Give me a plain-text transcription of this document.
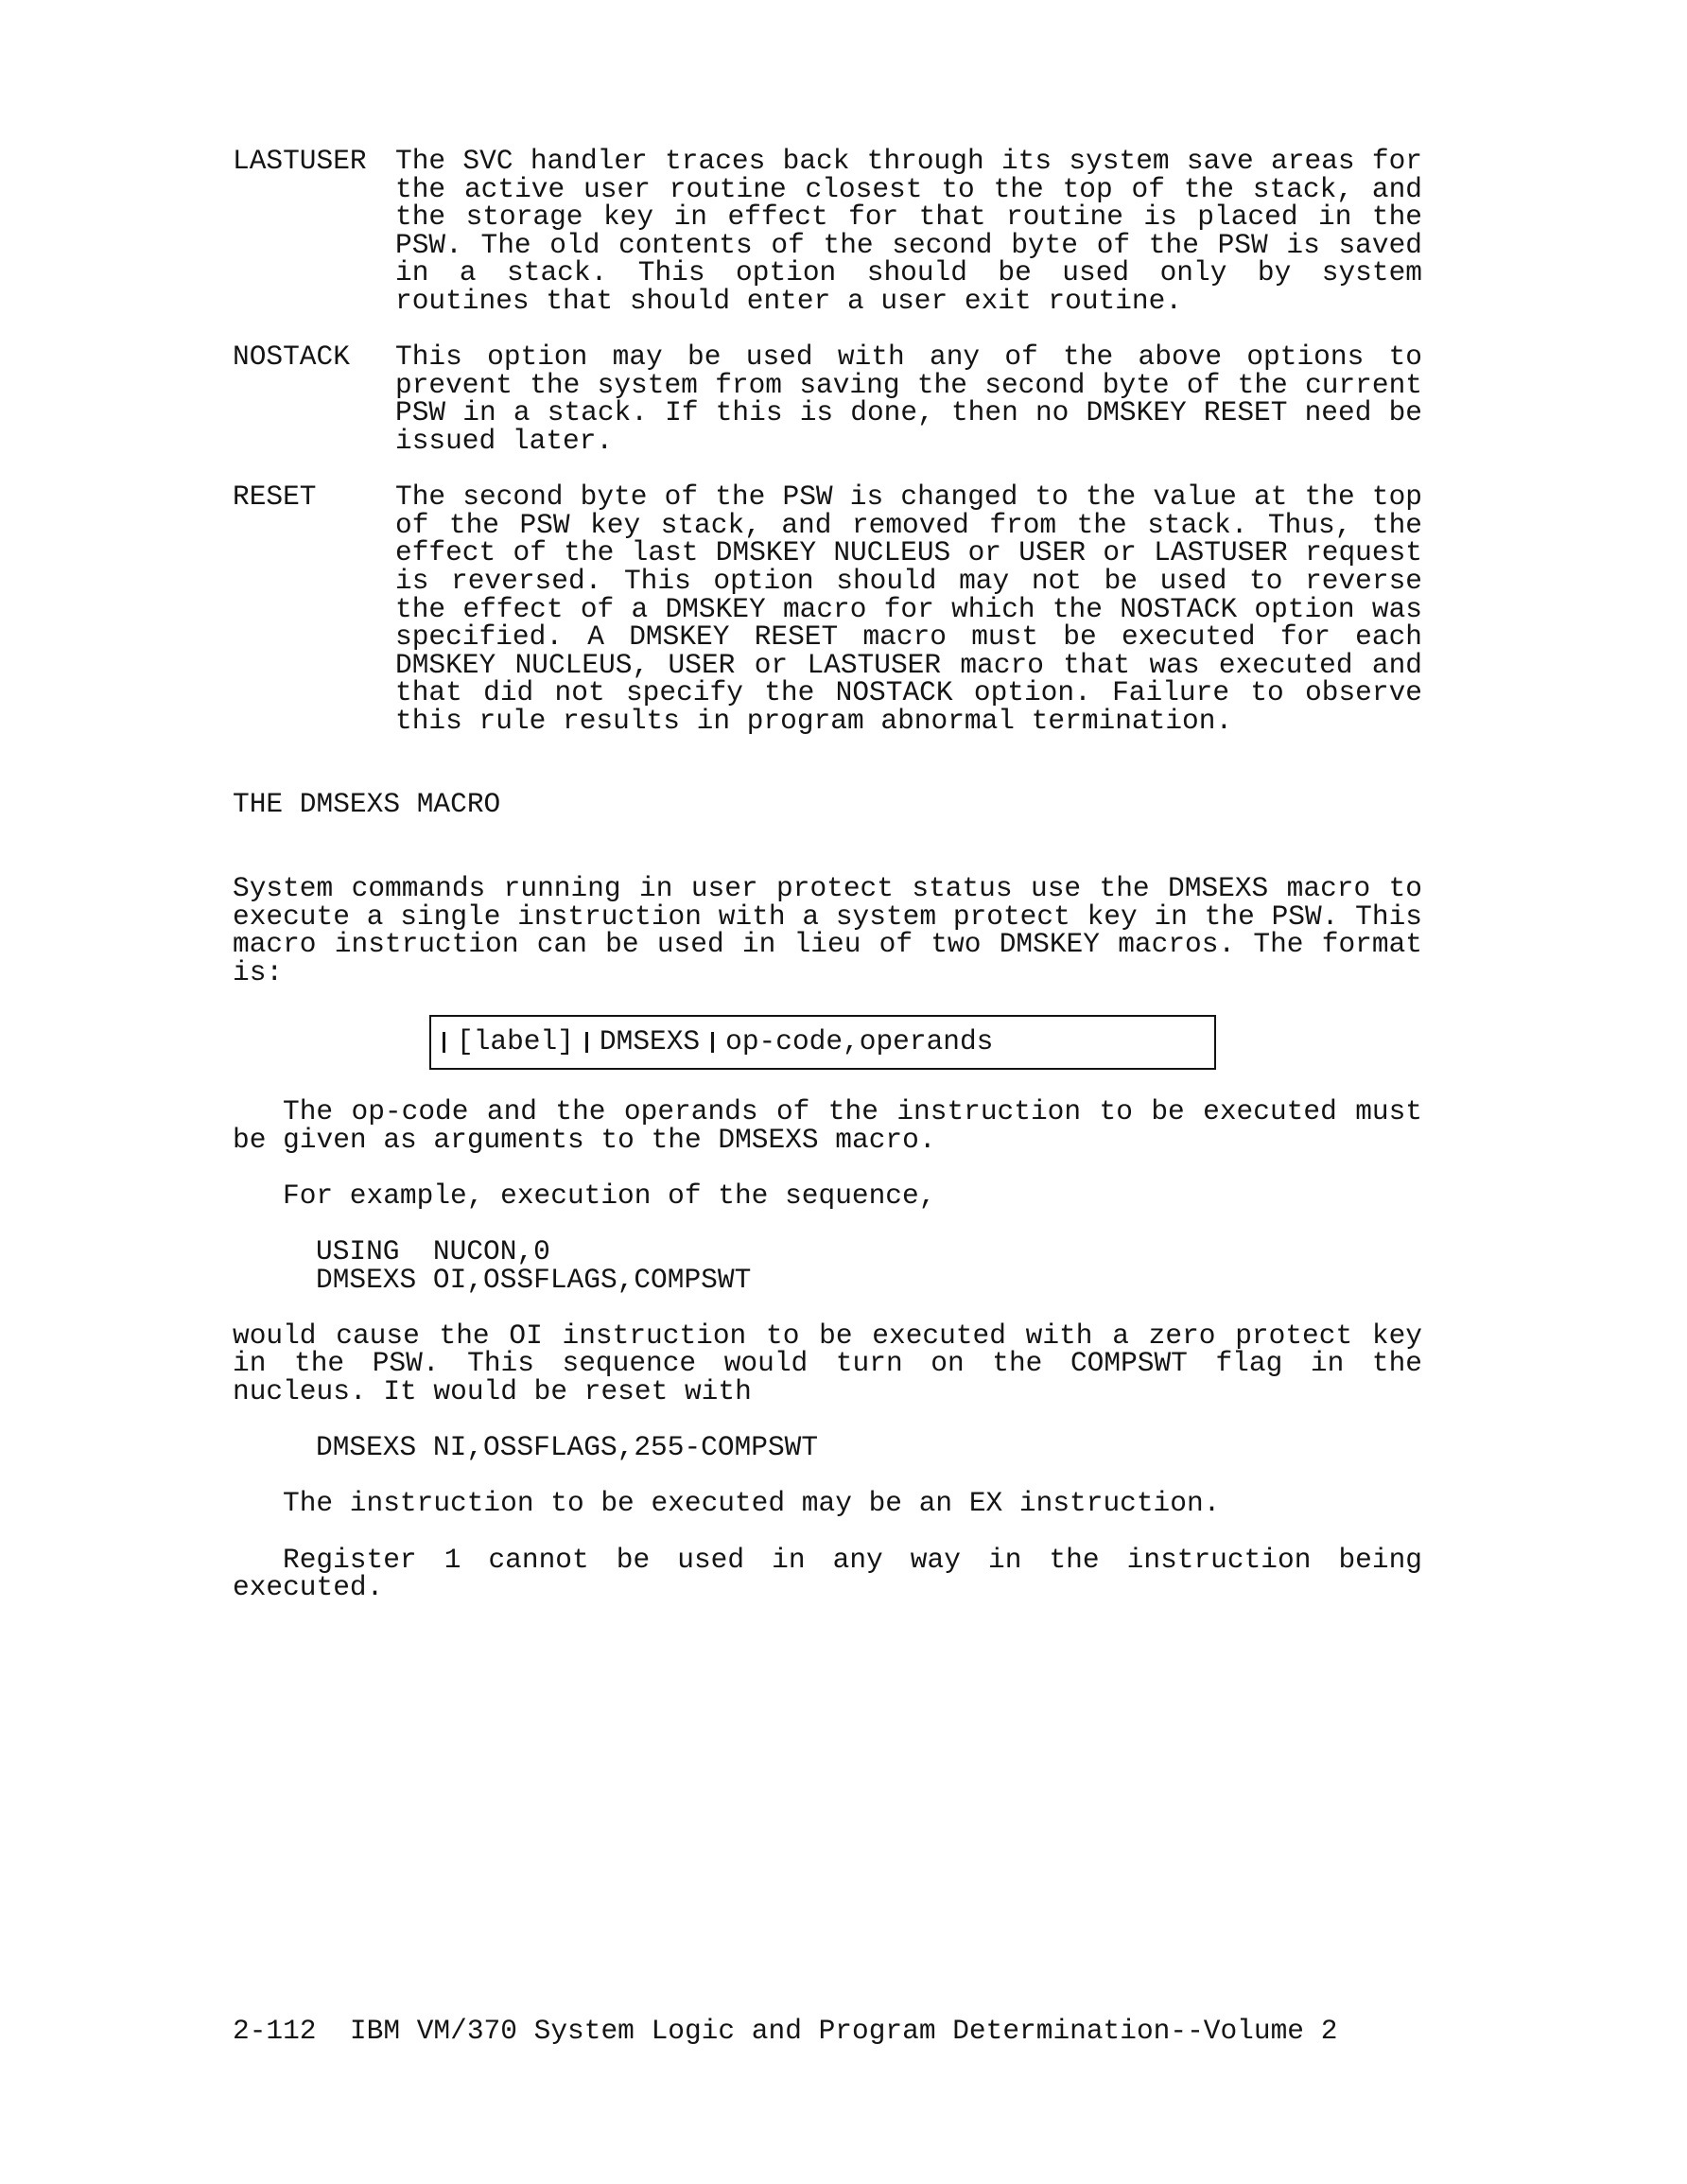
LASTUSER	The SVC handler traces back through its system save areas for the active user routine closest to the top of the stack, and the storage key in effect for that routine is placed in the PSW. The old contents of the second byte of the PSW is saved in a stack. This option should be used only by system routines that should enter a user exit routine.
NOSTACK	This option may be used with any of the above options to prevent the system from saving the second byte of the current PSW in a stack. If this is done, then no DMSKEY RESET need be issued later.
RESET	The second byte of the PSW is changed to the value at the top of the PSW key stack, and removed from the stack. Thus, the effect of the last DMSKEY NUCLEUS or USER or LASTUSER request is reversed. This option should may not be used to reverse the effect of a DMSKEY macro for which the NOSTACK option was specified. A DMSKEY RESET macro must be executed for each DMSKEY NUCLEUS, USER or LASTUSER macro that was executed and that did not specify the NOSTACK option. Failure to observe this rule results in program abnormal termination.
THE DMSEXS MACRO

System commands running in user protect status use the DMSEXS macro to execute a single instruction with a system protect key in the PSW. This macro instruction can be used in lieu of two DMSKEY macros. The format is:

[label] DMSEXS op-code,operands

The op-code and the operands of the instruction to be executed must be given as arguments to the DMSEXS macro.

For example, execution of the sequence,

USING  NUCON,0
DMSEXS OI,OSSFLAGS,COMPSWT

would cause the OI instruction to be executed with a zero protect key in the PSW. This sequence would turn on the COMPSWT flag in the nucleus. It would be reset with

DMSEXS NI,OSSFLAGS,255-COMPSWT

The instruction to be executed may be an EX instruction.

Register 1 cannot be used in any way in the instruction being executed.

2-112 IBM VM/370 System Logic and Program Determination--Volume 2
